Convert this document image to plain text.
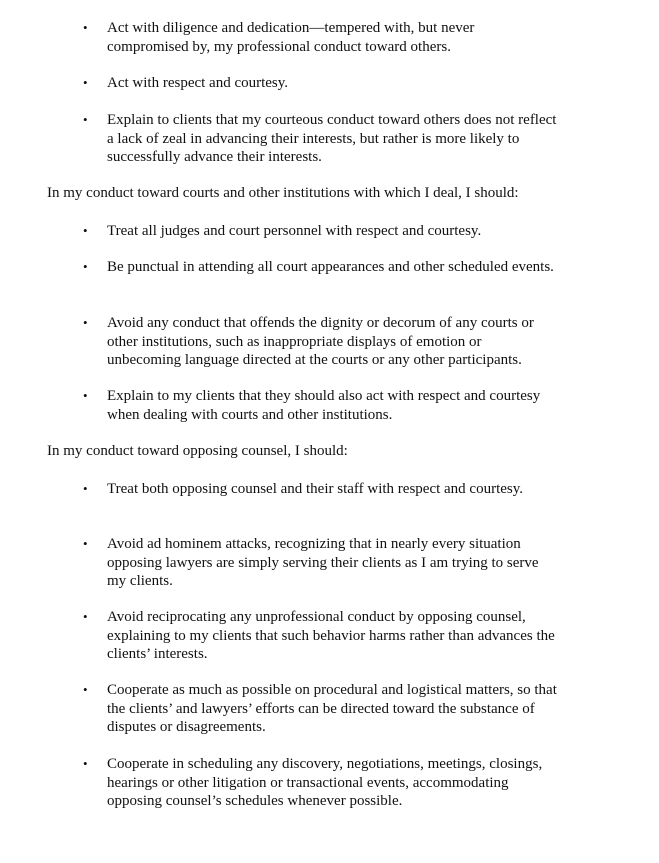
• Act with diligence and dedication—tempered with, but never compromised by, my professional conduct toward others.
• Act with respect and courtesy.
• Explain to clients that my courteous conduct toward others does not reflect a lack of zeal in advancing their interests, but rather is more likely to successfully advance their interests.

In my conduct toward courts and other institutions with which I deal, I should:

• Treat all judges and court personnel with respect and courtesy.
• Be punctual in attending all court appearances and other scheduled events.
• Avoid any conduct that offends the dignity or decorum of any courts or other institutions, such as inappropriate displays of emotion or unbecoming language directed at the courts or any other participants.
• Explain to my clients that they should also act with respect and courtesy when dealing with courts and other institutions.

In my conduct toward opposing counsel, I should:

• Treat both opposing counsel and their staff with respect and courtesy.
• Avoid ad hominem attacks, recognizing that in nearly every situation opposing lawyers are simply serving their clients as I am trying to serve my clients.
• Avoid reciprocating any unprofessional conduct by opposing counsel, explaining to my clients that such behavior harms rather than advances the clients’ interests.
• Cooperate as much as possible on procedural and logistical matters, so that the clients’ and lawyers’ efforts can be directed toward the substance of disputes or disagreements.
• Cooperate in scheduling any discovery, negotiations, meetings, closings, hearings or other litigation or transactional events, accommodating opposing counsel’s schedules whenever possible.
